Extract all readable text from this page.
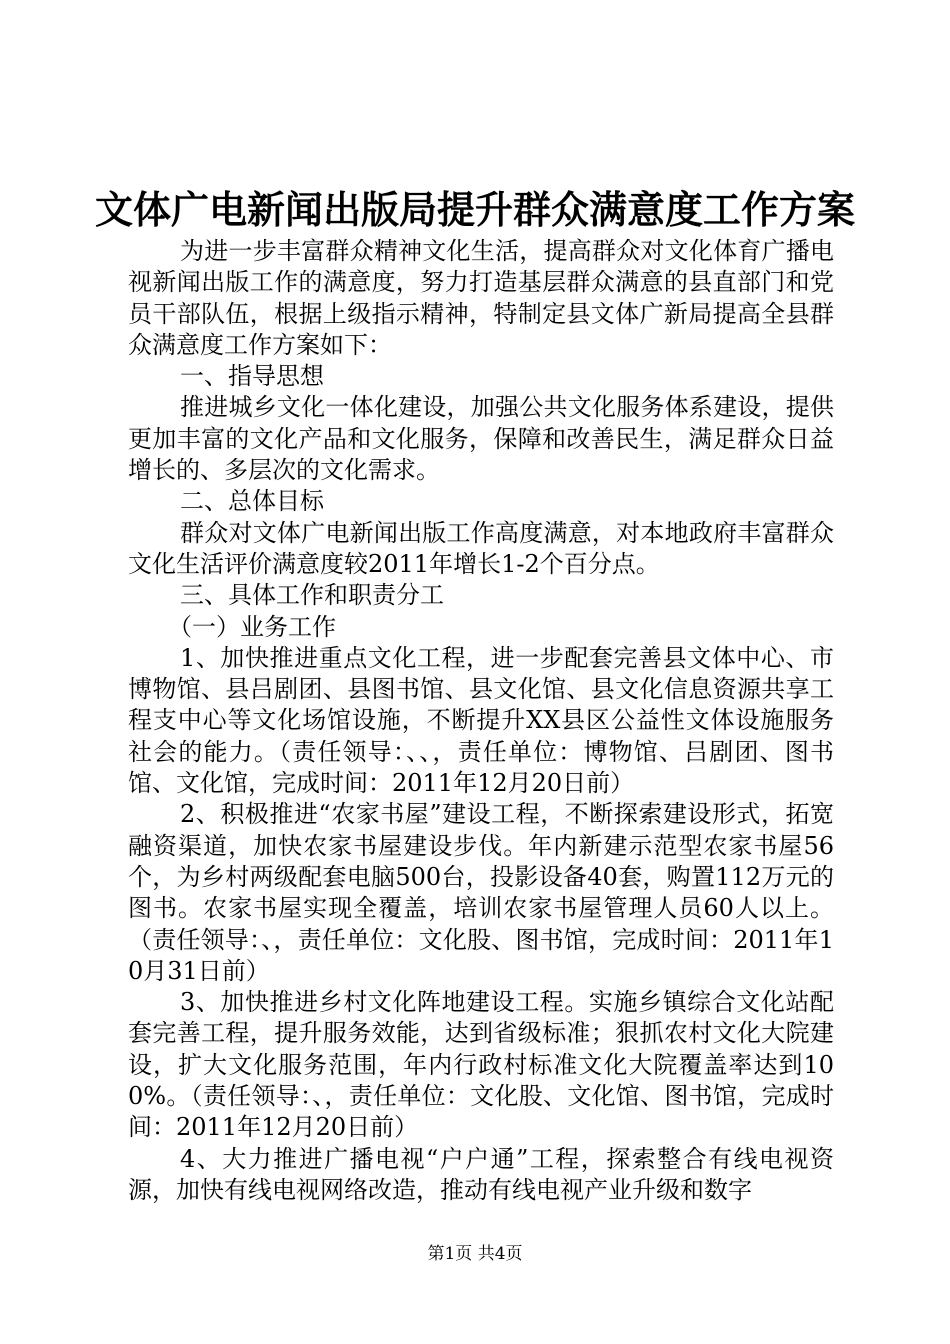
文体广电新闻出版局提升群众满意度工作方案

为进一步丰富群众精神文化生活，提高群众对文化体育广播电视新闻出版工作的满意度，努力打造基层群众满意的县直部门和党员干部队伍，根据上级指示精神，特制定县文体广新局提高全县群众满意度工作方案如下：

一、指导思想

推进城乡文化一体化建设，加强公共文化服务体系建设，提供更加丰富的文化产品和文化服务，保障和改善民生，满足群众日益增长的、多层次的文化需求。

二、总体目标

群众对文体广电新闻出版工作高度满意，对本地政府丰富群众文化生活评价满意度较2011年增长1-2个百分点。

三、具体工作和职责分工

（一）业务工作

1、加快推进重点文化工程，进一步配套完善县文体中心、市博物馆、县吕剧团、县图书馆、县文化馆、县文化信息资源共享工程支中心等文化场馆设施，不断提升XX县区公益性文体设施服务社会的能力。（责任领导：、、，责任单位：博物馆、吕剧团、图书馆、文化馆，完成时间：2011年12月20日前）

2、积极推进“农家书屋”建设工程，不断探索建设形式，拓宽融资渠道，加快农家书屋建设步伐。年内新建示范型农家书屋56个，为乡村两级配套电脑500台，投影设备40套，购置112万元的图书。农家书屋实现全覆盖，培训农家书屋管理人员60人以上。（责任领导：、，责任单位：文化股、图书馆，完成时间：2011年10月31日前）

3、加快推进乡村文化阵地建设工程。实施乡镇综合文化站配套完善工程，提升服务效能，达到省级标准；狠抓农村文化大院建设，扩大文化服务范围，年内行政村标准文化大院覆盖率达到100%。（责任领导：、，责任单位：文化股、文化馆、图书馆，完成时间：2011年12月20日前）

4、大力推进广播电视“户户通”工程，探索整合有线电视资源，加快有线电视网络改造，推动有线电视产业升级和数字

第1页 共4页
